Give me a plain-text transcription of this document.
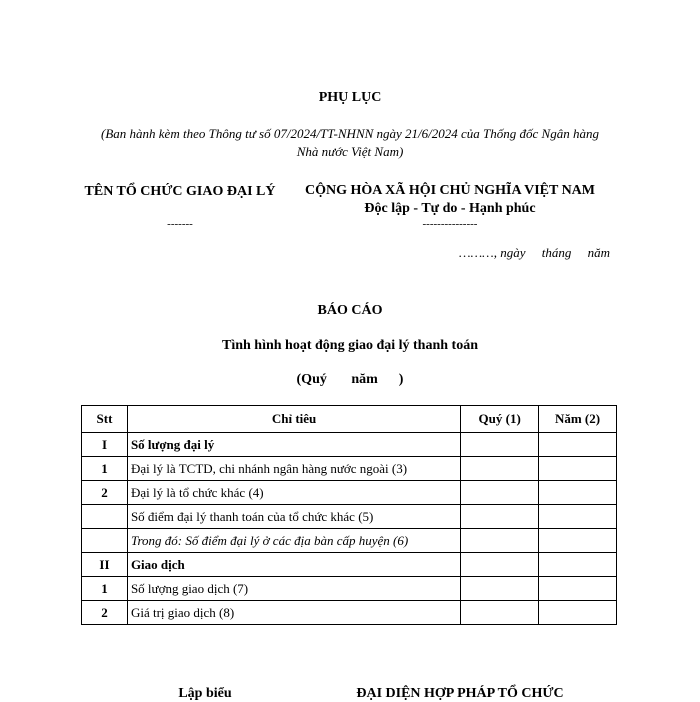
PHỤ LỤC
(Ban hành kèm theo Thông tư số 07/2024/TT-NHNN ngày 21/6/2024 của Thống đốc Ngân hàng Nhà nước Việt Nam)
TÊN TỔ CHỨC GIAO ĐẠI LÝ
-------
CỘNG HÒA XÃ HỘI CHỦ NGHĨA VIỆT NAM
Độc lập - Tự do - Hạnh phúc
---------------
………, ngày     tháng     năm
BÁO CÁO
Tình hình hoạt động giao đại lý thanh toán
(Quý       năm      )
Stt	Chỉ tiêu	Quý (1)	Năm (2)
I	Số lượng đại lý		
1	Đại lý là TCTD, chi nhánh ngân hàng nước ngoài (3)		
2	Đại lý là tổ chức khác (4)		
	Số điểm đại lý thanh toán của tổ chức khác (5)		
	Trong đó: Số điểm đại lý ở các địa bàn cấp huyện (6)		
II	Giao dịch		
1	Số lượng giao dịch (7)		
2	Giá trị giao dịch (8)		
Lập biểu	ĐẠI DIỆN HỢP PHÁP TỔ CHỨC
